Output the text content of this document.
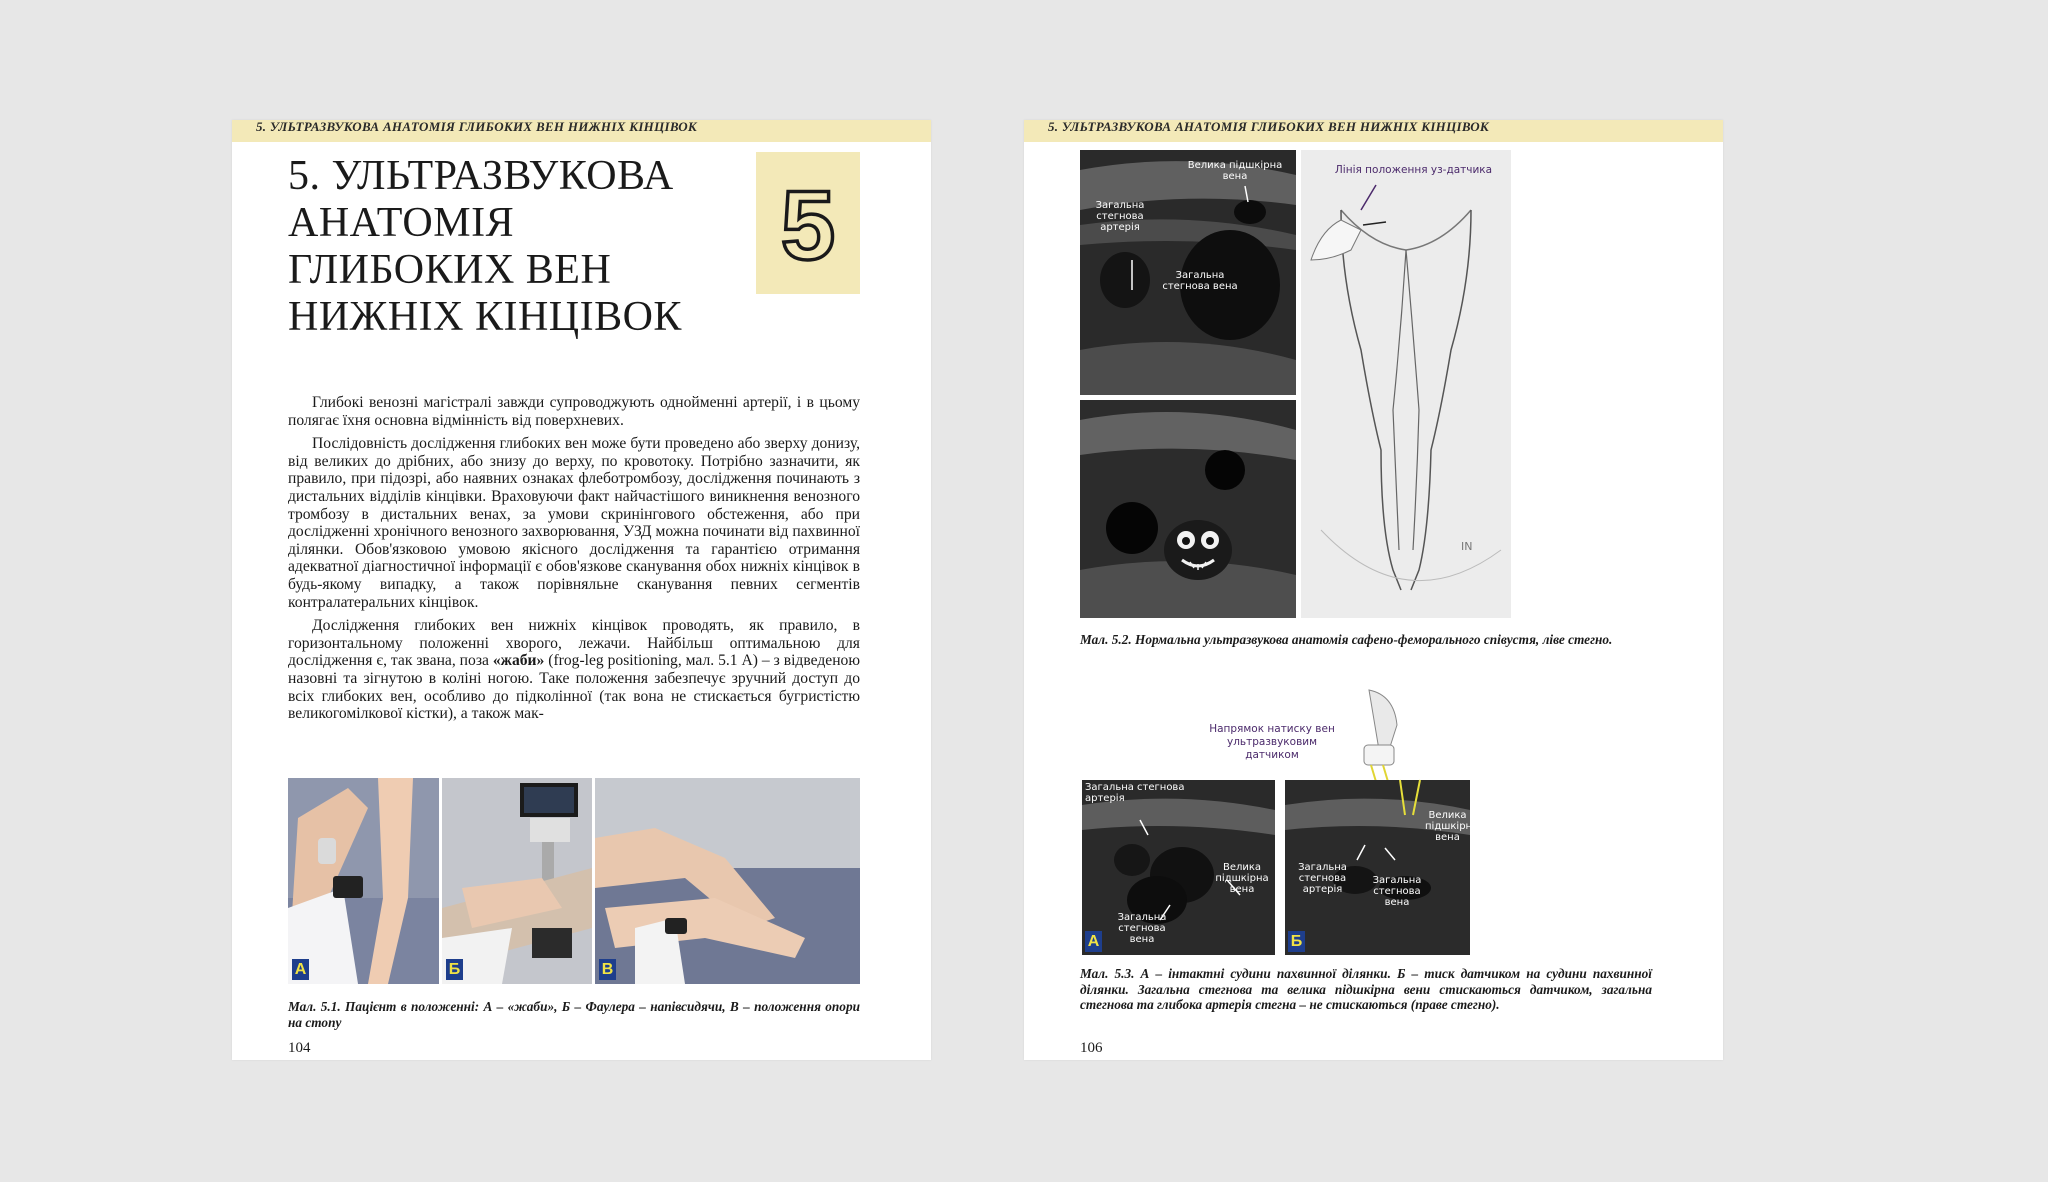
5. УЛЬТРАЗВУКОВА АНАТОМІЯ ГЛИБОКИХ ВЕН НИЖНІХ КІНЦІВОК
5. УЛЬТРАЗВУКОВА
АНАТОМІЯ
ГЛИБОКИХ ВЕН
НИЖНІХ КІНЦІВОК
5

Глибокі венозні магістралі завжди супроводжують однойменні артерії, і в цьому полягає їхня основна відмінність від поверхневих.

Послідовність дослідження глибоких вен може бути проведено або зверху донизу, від великих до дрібних, або знизу до верху, по кровотоку. Потрібно зазначити, як правило, при підозрі, або наявних ознаках флеботромбозу, дослідження починають з дистальних відділів кінцівки. Враховуючи факт найчастішого виникнення венозного тромбозу в дистальних венах, за умови скринінгового обстеження, або при дослідженні хронічного венозного захворювання, УЗД можна починати від пахвинної ділянки. Обов'язковою умовою якісного дослідження та гарантією отримання адекватної діагностичної інформації є обов'язкове сканування обох нижніх кінцівок в будь-якому випадку, а також порівняльне сканування певних сегментів контралатеральних кінцівок.

Дослідження глибоких вен нижніх кінцівок проводять, як правило, в горизонтальному положенні хворого, лежачи. Найбільш оптимальною для дослідження є, так звана, поза «жаби» (frog-leg positioning, мал. 5.1 А) – з відведеною назовні та зігнутою в коліні ногою. Таке положення забезпечує зручний доступ до всіх глибоких вен, особливо до підколінної (так вона не стискається бугристістю великогомілкової кістки), а також мак-

А	Б	В
Мал. 5.1. Пацієнт в положенні: А – «жаби», Б – Фаулера – напівсидячи, В – положення опори на стопу
104
5. УЛЬТРАЗВУКОВА АНАТОМІЯ ГЛИБОКИХ ВЕН НИЖНІХ КІНЦІВОК
Велика підшкірна вена
Загальна стегнова артерія
Загальна стегнова вена
IN
Лінія положення уз-датчика
Мал. 5.2. Нормальна ультразвукова анатомія сафено-феморального співустя, ліве стегно.
Напрямок натиску вен ультразвуковим датчиком
Загальна стегнова артерія
Велика підшкірна вена
Загальна стегнова вена
А
Велика підшкірна вена
Загальна стегнова артерія
Загальна стегнова вена
Б
Мал. 5.3. А – інтактні судини пахвинної ділянки. Б – тиск датчиком на судини пахвинної ділянки. Загальна стегнова та велика підшкірна вени стискаються датчиком, загальна стегнова та глибока артерія стегна – не стискаються (праве стегно).
106
